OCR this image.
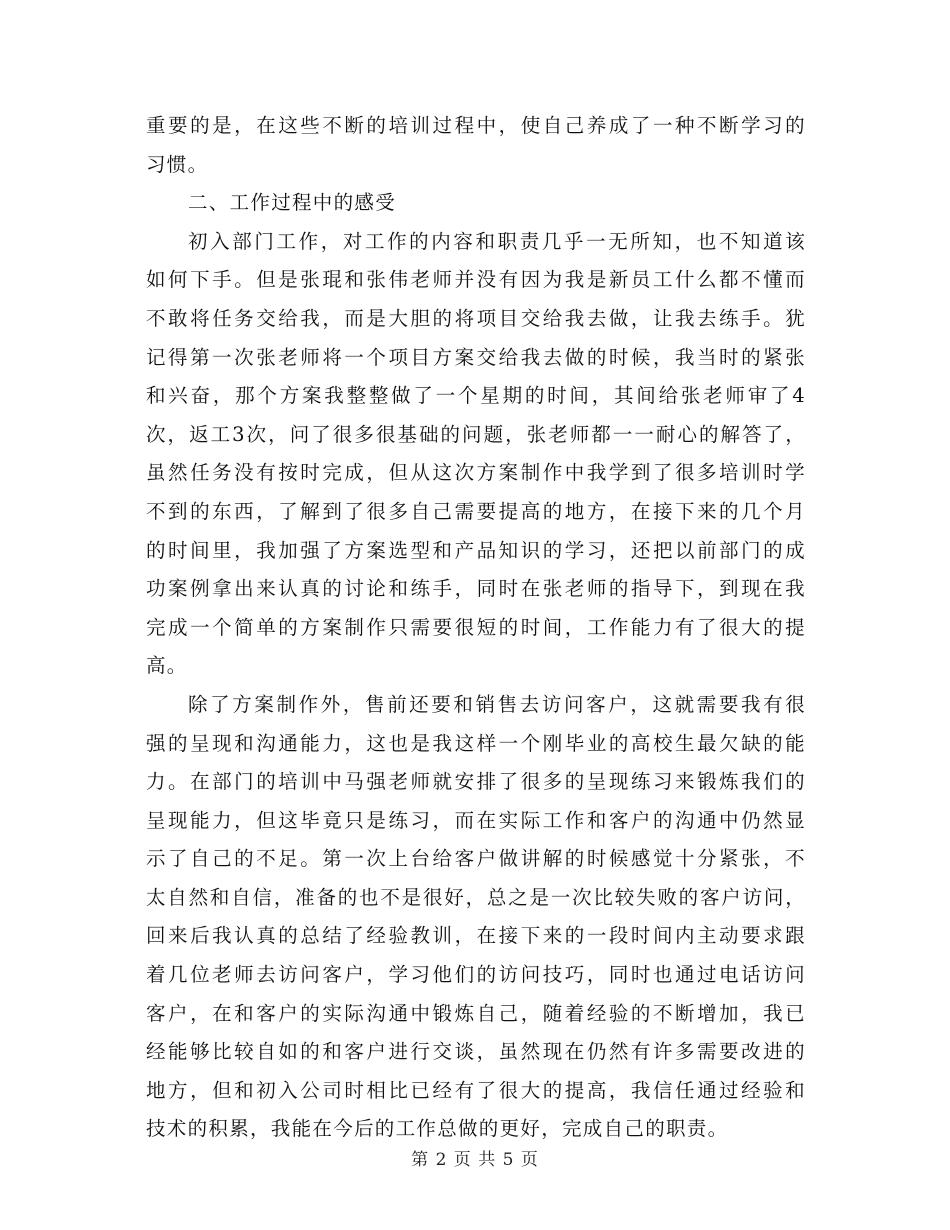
重要的是，在这些不断的培训过程中，使自己养成了一种不断学习的
习惯。
二、工作过程中的感受
初入部门工作，对工作的内容和职责几乎一无所知，也不知道该
如何下手。但是张琨和张伟老师并没有因为我是新员工什么都不懂而
不敢将任务交给我，而是大胆的将项目交给我去做，让我去练手。犹
记得第一次张老师将一个项目方案交给我去做的时候，我当时的紧张
和兴奋，那个方案我整整做了一个星期的时间，其间给张老师审了4
次，返工3次，问了很多很基础的问题，张老师都一一耐心的解答了，
虽然任务没有按时完成，但从这次方案制作中我学到了很多培训时学
不到的东西，了解到了很多自己需要提高的地方，在接下来的几个月
的时间里，我加强了方案选型和产品知识的学习，还把以前部门的成
功案例拿出来认真的讨论和练手，同时在张老师的指导下，到现在我
完成一个简单的方案制作只需要很短的时间，工作能力有了很大的提
高。
除了方案制作外，售前还要和销售去访问客户，这就需要我有很
强的呈现和沟通能力，这也是我这样一个刚毕业的高校生最欠缺的能
力。在部门的培训中马强老师就安排了很多的呈现练习来锻炼我们的
呈现能力，但这毕竟只是练习，而在实际工作和客户的沟通中仍然显
示了自己的不足。第一次上台给客户做讲解的时候感觉十分紧张，不
太自然和自信，准备的也不是很好，总之是一次比较失败的客户访问，
回来后我认真的总结了经验教训，在接下来的一段时间内主动要求跟
着几位老师去访问客户，学习他们的访问技巧，同时也通过电话访问
客户，在和客户的实际沟通中锻炼自己，随着经验的不断增加，我已
经能够比较自如的和客户进行交谈，虽然现在仍然有许多需要改进的
地方，但和初入公司时相比已经有了很大的提高，我信任通过经验和
技术的积累，我能在今后的工作总做的更好，完成自己的职责。
第 2 页 共 5 页
